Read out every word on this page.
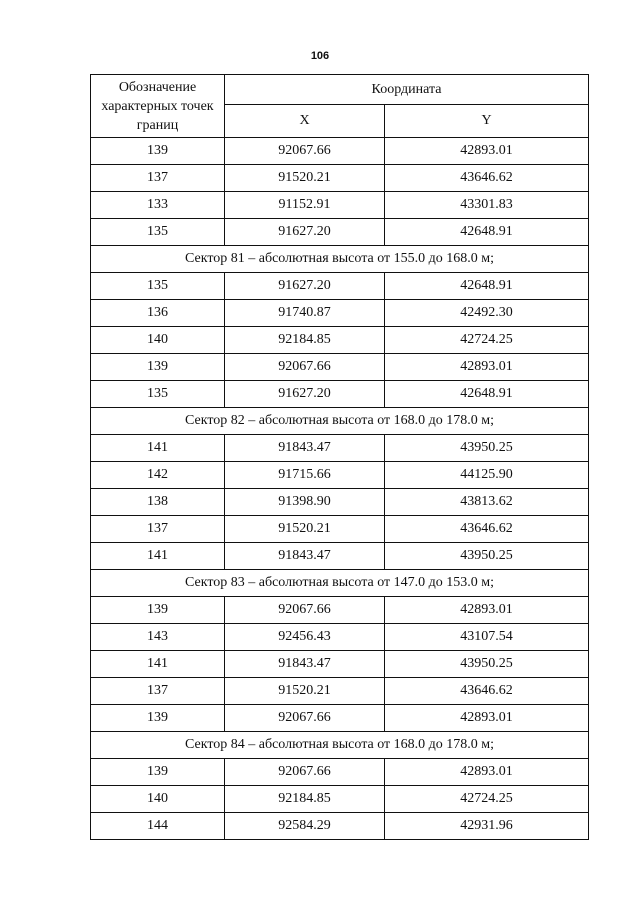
106
Обозначение характерных точек границ	Координата	
	X	Y
139	92067.66	42893.01
137	91520.21	43646.62
133	91152.91	43301.83
135	91627.20	42648.91
Сектор 81 – абсолютная высота от 155.0 до 168.0 м;		
135	91627.20	42648.91
136	91740.87	42492.30
140	92184.85	42724.25
139	92067.66	42893.01
135	91627.20	42648.91
Сектор 82 – абсолютная высота от 168.0 до 178.0 м;		
141	91843.47	43950.25
142	91715.66	44125.90
138	91398.90	43813.62
137	91520.21	43646.62
141	91843.47	43950.25
Сектор 83 – абсолютная высота от 147.0 до 153.0 м;		
139	92067.66	42893.01
143	92456.43	43107.54
141	91843.47	43950.25
137	91520.21	43646.62
139	92067.66	42893.01
Сектор 84 – абсолютная высота от 168.0 до 178.0 м;		
139	92067.66	42893.01
140	92184.85	42724.25
144	92584.29	42931.96
